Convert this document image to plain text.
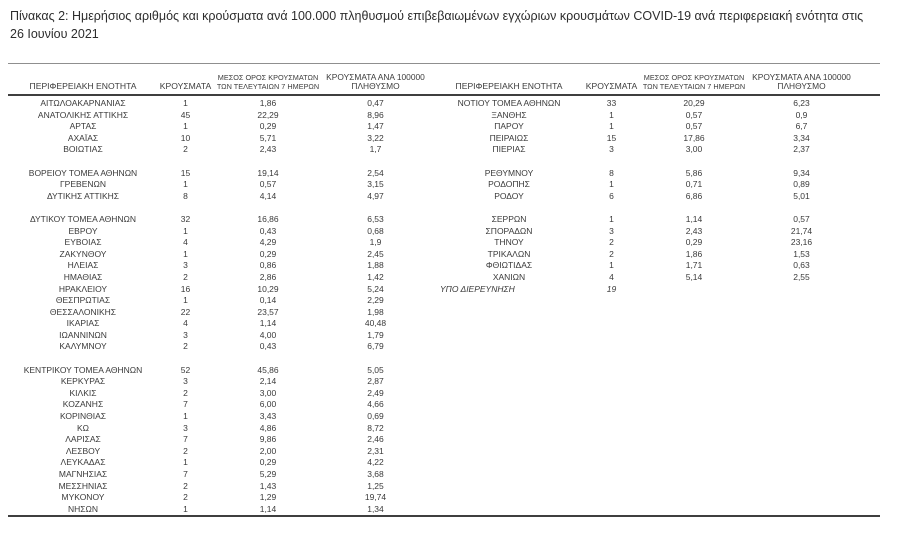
Πίνακας 2: Ημερήσιος αριθμός και κρούσματα ανά 100.000 πληθυσμού επιβεβαιωμένων εγχώριων κρουσμάτων COVID-19 ανά περιφερειακή ενότητα στις 26 Ιουνίου 2021
ΠΕΡΙΦΕΡΕΙΑΚΗ ΕΝΟΤΗΤΑ	ΚΡΟΥΣΜΑΤΑ
ΜΕΣΟΣ ΟΡΟΣ ΚΡΟΥΣΜΑΤΩΝ
ΤΩΝ ΤΕΛΕΥΤΑΙΩΝ 7 ΗΜΕΡΩΝ
ΚΡΟΥΣΜΑΤΑ ΑΝΑ 100000
ΠΛΗΘΥΣΜΟ	ΠΕΡΙΦΕΡΕΙΑΚΗ ΕΝΟΤΗΤΑ	ΚΡΟΥΣΜΑΤΑ
ΜΕΣΟΣ ΟΡΟΣ ΚΡΟΥΣΜΑΤΩΝ
ΤΩΝ ΤΕΛΕΥΤΑΙΩΝ 7 ΗΜΕΡΩΝ
ΚΡΟΥΣΜΑΤΑ ΑΝΑ 100000
ΠΛΗΘΥΣΜΟ
ΑΙΤΩΛΟΑΚΑΡΝΑΝΙΑΣ	1	1,86	0,47	ΝΟΤΙΟΥ ΤΟΜΕΑ ΑΘΗΝΩΝ	33	20,29	6,23
ΑΝΑΤΟΛΙΚΗΣ ΑΤΤΙΚΗΣ	45	22,29	8,96	ΞΑΝΘΗΣ	1	0,57	0,9
ΑΡΤΑΣ	1	0,29	1,47	ΠΑΡΟΥ	1	0,57	6,7
ΑΧΑΪΑΣ	10	5,71	3,22	ΠΕΙΡΑΙΩΣ	15	17,86	3,34
ΒΟΙΩΤΙΑΣ	2	2,43	1,7	ΠΙΕΡΙΑΣ	3	3,00	2,37
ΒΟΡΕΙΟΥ ΤΟΜΕΑ ΑΘΗΝΩΝ	15	19,14	2,54	ΡΕΘΥΜΝΟΥ	8	5,86	9,34
ΓΡΕΒΕΝΩΝ	1	0,57	3,15	ΡΟΔΟΠΗΣ	1	0,71	0,89
ΔΥΤΙΚΗΣ ΑΤΤΙΚΗΣ	8	4,14	4,97	ΡΟΔΟΥ	6	6,86	5,01
ΔΥΤΙΚΟΥ ΤΟΜΕΑ ΑΘΗΝΩΝ	32	16,86	6,53	ΣΕΡΡΩΝ	1	1,14	0,57
ΕΒΡΟΥ	1	0,43	0,68	ΣΠΟΡΑΔΩΝ	3	2,43	21,74
ΕΥΒΟΙΑΣ	4	4,29	1,9	ΤΗΝΟΥ	2	0,29	23,16
ΖΑΚΥΝΘΟΥ	1	0,29	2,45	ΤΡΙΚΑΛΩΝ	2	1,86	1,53
ΗΛΕΙΑΣ	3	0,86	1,88	ΦΘΙΩΤΙΔΑΣ	1	1,71	0,63
ΗΜΑΘΙΑΣ	2	2,86	1,42	ΧΑΝΙΩΝ	4	5,14	2,55
ΗΡΑΚΛΕΙΟΥ	16	10,29	5,24	ΥΠΟ ΔΙΕΡΕΥΝΗΣΗ	19
ΘΕΣΠΡΩΤΙΑΣ	1	0,14	2,29
ΘΕΣΣΑΛΟΝΙΚΗΣ	22	23,57	1,98
ΙΚΑΡΙΑΣ	4	1,14	40,48
ΙΩΑΝΝΙΝΩΝ	3	4,00	1,79
ΚΑΛΥΜΝΟΥ	2	0,43	6,79
ΚΕΝΤΡΙΚΟΥ ΤΟΜΕΑ ΑΘΗΝΩΝ	52	45,86	5,05
ΚΕΡΚΥΡΑΣ	3	2,14	2,87
ΚΙΛΚΙΣ	2	3,00	2,49
ΚΟΖΑΝΗΣ	7	6,00	4,66
ΚΟΡΙΝΘΙΑΣ	1	3,43	0,69
ΚΩ	3	4,86	8,72
ΛΑΡΙΣΑΣ	7	9,86	2,46
ΛΕΣΒΟΥ	2	2,00	2,31
ΛΕΥΚΑΔΑΣ	1	0,29	4,22
ΜΑΓΝΗΣΙΑΣ	7	5,29	3,68
ΜΕΣΣΗΝΙΑΣ	2	1,43	1,25
ΜΥΚΟΝΟΥ	2	1,29	19,74
ΝΗΣΩΝ	1	1,14	1,34
